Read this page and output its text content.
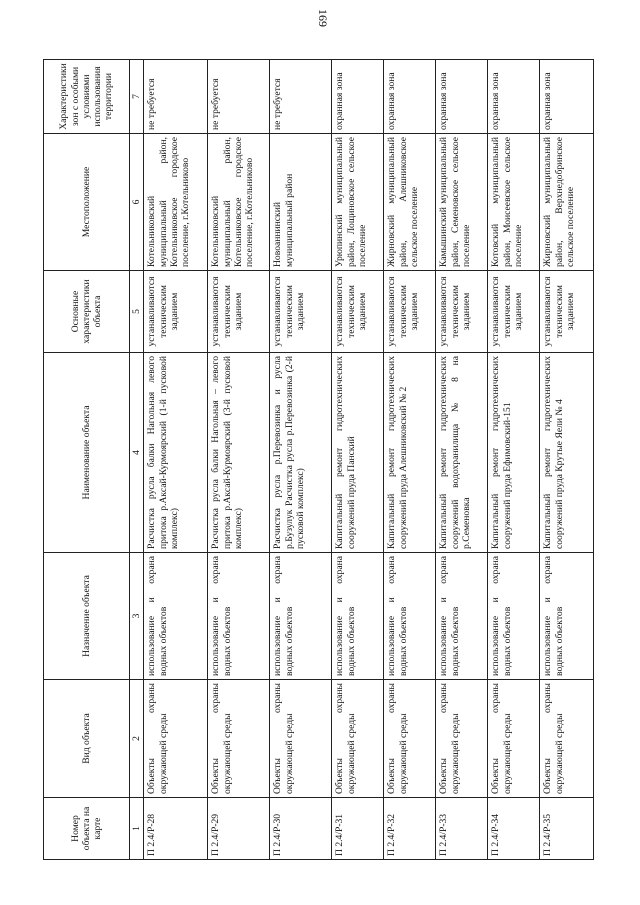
169
Номер объекта на карте	Вид объекта	Назначение объекта	Наименование объекта	Основные характеристики объекта	Местоположение	Характеристики зон с особыми условиями использования территории
1	2	3	4	5	6	7
П 2.4/Р-28	Объекты охраны окружающей среды	использование и охрана водных объектов	Расчистка русла балки Нагольная левого притока р.Аксай-Курмоярский (1-й пусковой комплекс)	устанавливаются техническим заданием	Котельниковский муниципальный район, Котельниковское городское поселение, г.Котельниково	не требуется
П 2.4/Р-29	Объекты охраны окружающей среды	использование и охрана водных объектов	Расчистка русла балки Нагольная – левого притока р.Аксай-Курмоярский (3-й пусковой комплекс)	устанавливаются техническим заданием	Котельниковский муниципальный район, Котельниковское городское поселение, г.Котельниково	не требуется
П 2.4/Р-30	Объекты охраны окружающей среды	использование и охрана водных объектов	Расчистка русла р.Перевозинка и русла р.Бузулук Расчистка русла р.Перевозинка (2-й пусковой комплекс)	устанавливаются техническим заданием	Новоаннинский муниципальный район	не требуется
П 2.4/Р-31	Объекты охраны окружающей среды	использование и охрана водных объектов	Капитальный ремонт гидротехнических сооружений пруда Панский	устанавливаются техническим заданием	Урюпинский муниципальный район, Лощиновское сельское поселение	охранная зона
П 2.4/Р-32	Объекты охраны окружающей среды	использование и охрана водных объектов	Капитальный ремонт гидротехнических сооружений пруда Алешниковский № 2	устанавливаются техническим заданием	Жирновский муниципальный район, Алешниковское сельское поселение	охранная зона
П 2.4/Р-33	Объекты охраны окружающей среды	использование и охрана водных объектов	Капитальный ремонт гидротехнических сооружений водохранилища № 8 на р.Семеновка	устанавливаются техническим заданием	Камышинский муниципальный район, Семеновское сельское поселение	охранная зона
П 2.4/Р-34	Объекты охраны окружающей среды	использование и охрана водных объектов	Капитальный ремонт гидротехнических сооружений пруда Ефимовский-151	устанавливаются техническим заданием	Котовский муниципальный район, Моисеевское сельское поселение	охранная зона
П 2.4/Р-35	Объекты охраны окружающей среды	использование и охрана водных объектов	Капитальный ремонт гидротехнических сооружений пруда Крутые Яели № 4	устанавливаются техническим заданием	Жирновский муниципальный район, Верхнедобринское сельское поселение	охранная зона
